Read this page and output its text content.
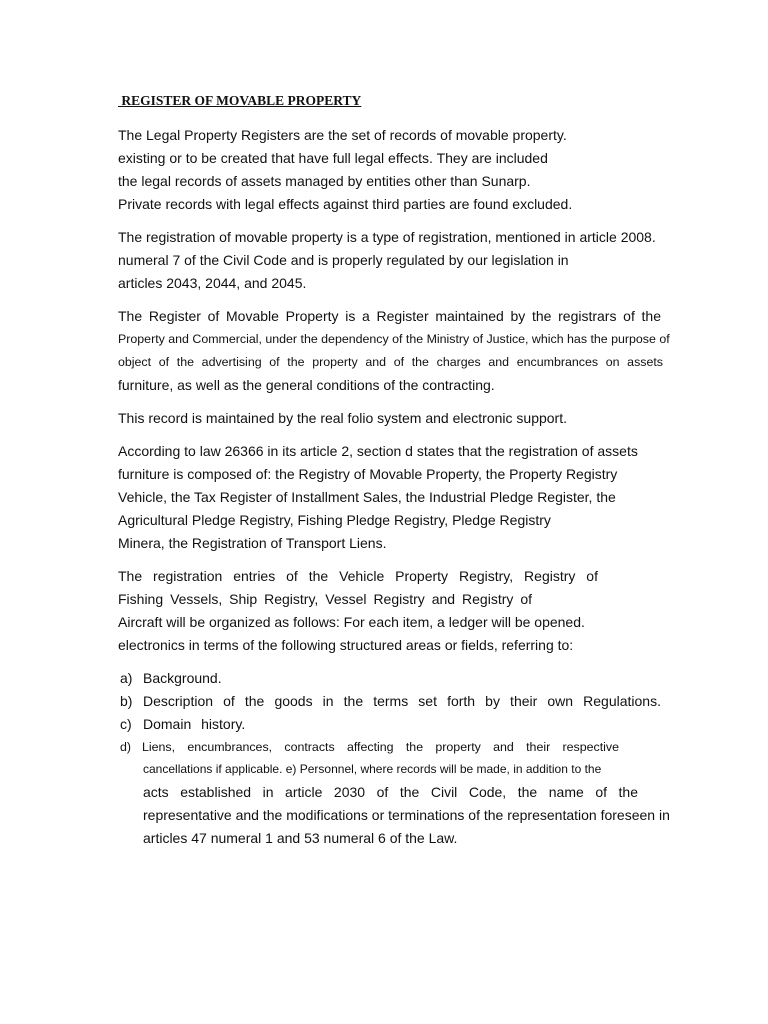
REGISTER OF MOVABLE PROPERTY
The Legal Property Registers are the set of records of movable property.
existing or to be created that have full legal effects. They are included
the legal records of assets managed by entities other than Sunarp.
Private records with legal effects against third parties are found excluded.
The registration of movable property is a type of registration, mentioned in article 2008.
numeral 7 of the Civil Code and is properly regulated by our legislation in
articles 2043, 2044, and 2045.
The Register of Movable Property is a Register maintained by the registrars of the
Property and Commercial, under the dependency of the Ministry of Justice, which has the purpose of
object of the advertising of the property and of the charges and encumbrances on assets
furniture, as well as the general conditions of the contracting.
This record is maintained by the real folio system and electronic support.
According to law 26366 in its article 2, section d states that the registration of assets
furniture is composed of: the Registry of Movable Property, the Property Registry
Vehicle, the Tax Register of Installment Sales, the Industrial Pledge Register, the
Agricultural Pledge Registry, Fishing Pledge Registry, Pledge Registry
Minera, the Registration of Transport Liens.
The registration entries of the Vehicle Property Registry, Registry of
Fishing Vessels, Ship Registry, Vessel Registry and Registry of
Aircraft will be organized as follows: For each item, a ledger will be opened.
electronics in terms of the following structured areas or fields, referring to:
a) Background.
b) Description of the goods in the terms set forth by their own Regulations.
c) Domain history.
d) Liens, encumbrances, contracts affecting the property and their respective
cancellations if applicable. e) Personnel, where records will be made, in addition to the
acts established in article 2030 of the Civil Code, the name of the
representative and the modifications or terminations of the representation foreseen in
articles 47 numeral 1 and 53 numeral 6 of the Law.
